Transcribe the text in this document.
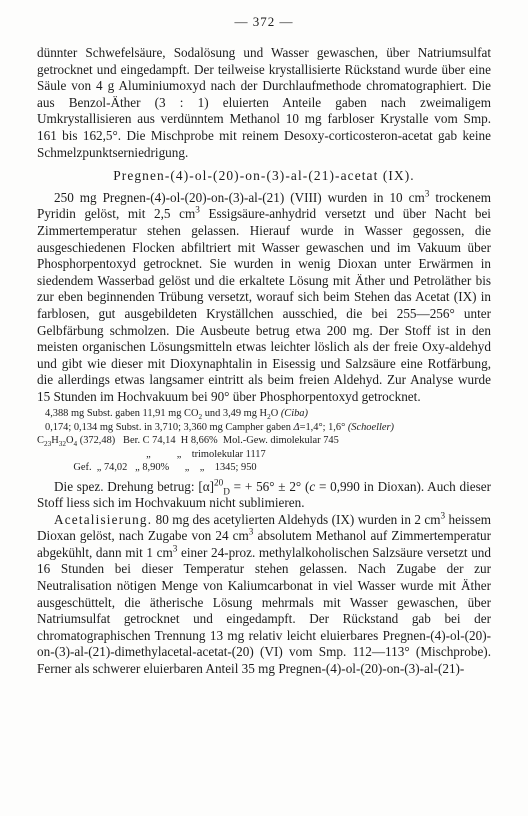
— 372 —

dünnter Schwefelsäure, Sodalösung und Wasser gewaschen, über Natriumsulfat getrocknet und eingedampft. Der teilweise krystallisierte Rückstand wurde über eine Säule von 4 g Aluminiumoxyd nach der Durchlaufmethode chromatographiert. Die aus Benzol-Äther (3 : 1) eluierten Anteile gaben nach zweimaligem Umkrystallisieren aus verdünntem Methanol 10 mg farbloser Krystalle vom Smp. 161 bis 162,5°. Die Mischprobe mit reinem Desoxy-corticosteron-acetat gab keine Schmelzpunktserniedrigung.

Pregnen-(4)-ol-(20)-on-(3)-al-(21)-acetat (IX).

250 mg Pregnen-(4)-ol-(20)-on-(3)-al-(21) (VIII) wurden in 10 $cm^3$ trockenem Pyridin gelöst, mit 2,5 $cm^3$ Essigsäure-anhydrid versetzt und über Nacht bei Zimmertemperatur stehen gelassen. Hierauf wurde in Wasser gegossen, die ausgeschiedenen Flocken abfiltriert mit Wasser gewaschen und im Vakuum über Phosphorpentoxyd getrocknet. Sie wurden in wenig Dioxan unter Erwärmen in siedendem Wasserbad gelöst und die erkaltete Lösung mit Äther und Petroläther bis zur eben beginnenden Trübung versetzt, worauf sich beim Stehen das Acetat (IX) in farblosen, gut ausgebildeten Kryställchen ausschied, die bei 255—256° unter Gelbfärbung schmolzen. Die Ausbeute betrug etwa 200 mg. Der Stoff ist in den meisten organischen Lösungsmitteln etwas leichter löslich als der freie Oxy-aldehyd und gibt wie dieser mit Dioxynaphtalin in Eisessig und Salzsäure eine Rotfärbung, die allerdings etwas langsamer eintritt als beim freien Aldehyd. Zur Analyse wurde 15 Stunden im Hochvakuum bei 90° über Phosphorpentoxyd getrocknet.

4,388 mg Subst. gaben 11,91 mg $CO_2$ und 3,49 mg $H_2O$ (Ciba)
0,174; 0,134 mg Subst. in 3,710; 3,360 mg Campher gaben Δ=1,4°; 1,6° (Schoeller)
$C_{23}H_{32}O_4$ (372,48)   Ber. C 74,14  H 8,66%  Mol.-Gew. dimolekular 745
„          „    trimolekular 1117
Gef.  „ 74,02   „ 8,90%      „    „    1345; 950

Die spez. Drehung betrug: $[\alpha]^{20}_D$ = + 56° ± 2° (c = 0,990 in Dioxan). Auch dieser Stoff liess sich im Hochvakuum nicht sublimieren.

Acetalisierung. 80 mg des acetylierten Aldehyds (IX) wurden in 2 $cm^3$ heissem Dioxan gelöst, nach Zugabe von 24 $cm^3$ absolutem Methanol auf Zimmertemperatur abgekühlt, dann mit 1 $cm^3$ einer 24-proz. methylalkoholischen Salzsäure versetzt und 16 Stunden bei dieser Temperatur stehen gelassen. Nach Zugabe der zur Neutralisation nötigen Menge von Kaliumcarbonat in viel Wasser wurde mit Äther ausgeschüttelt, die ätherische Lösung mehrmals mit Wasser gewaschen, über Natriumsulfat getrocknet und eingedampft. Der Rückstand gab bei der chromatographischen Trennung 13 mg relativ leicht eluierbares Pregnen-(4)-ol-(20)-on-(3)-al-(21)-dimethylacetal-acetat-(20) (VI) vom Smp. 112—113° (Mischprobe). Ferner als schwerer eluierbaren Anteil 35 mg Pregnen-(4)-ol-(20)-on-(3)-al-(21)-
